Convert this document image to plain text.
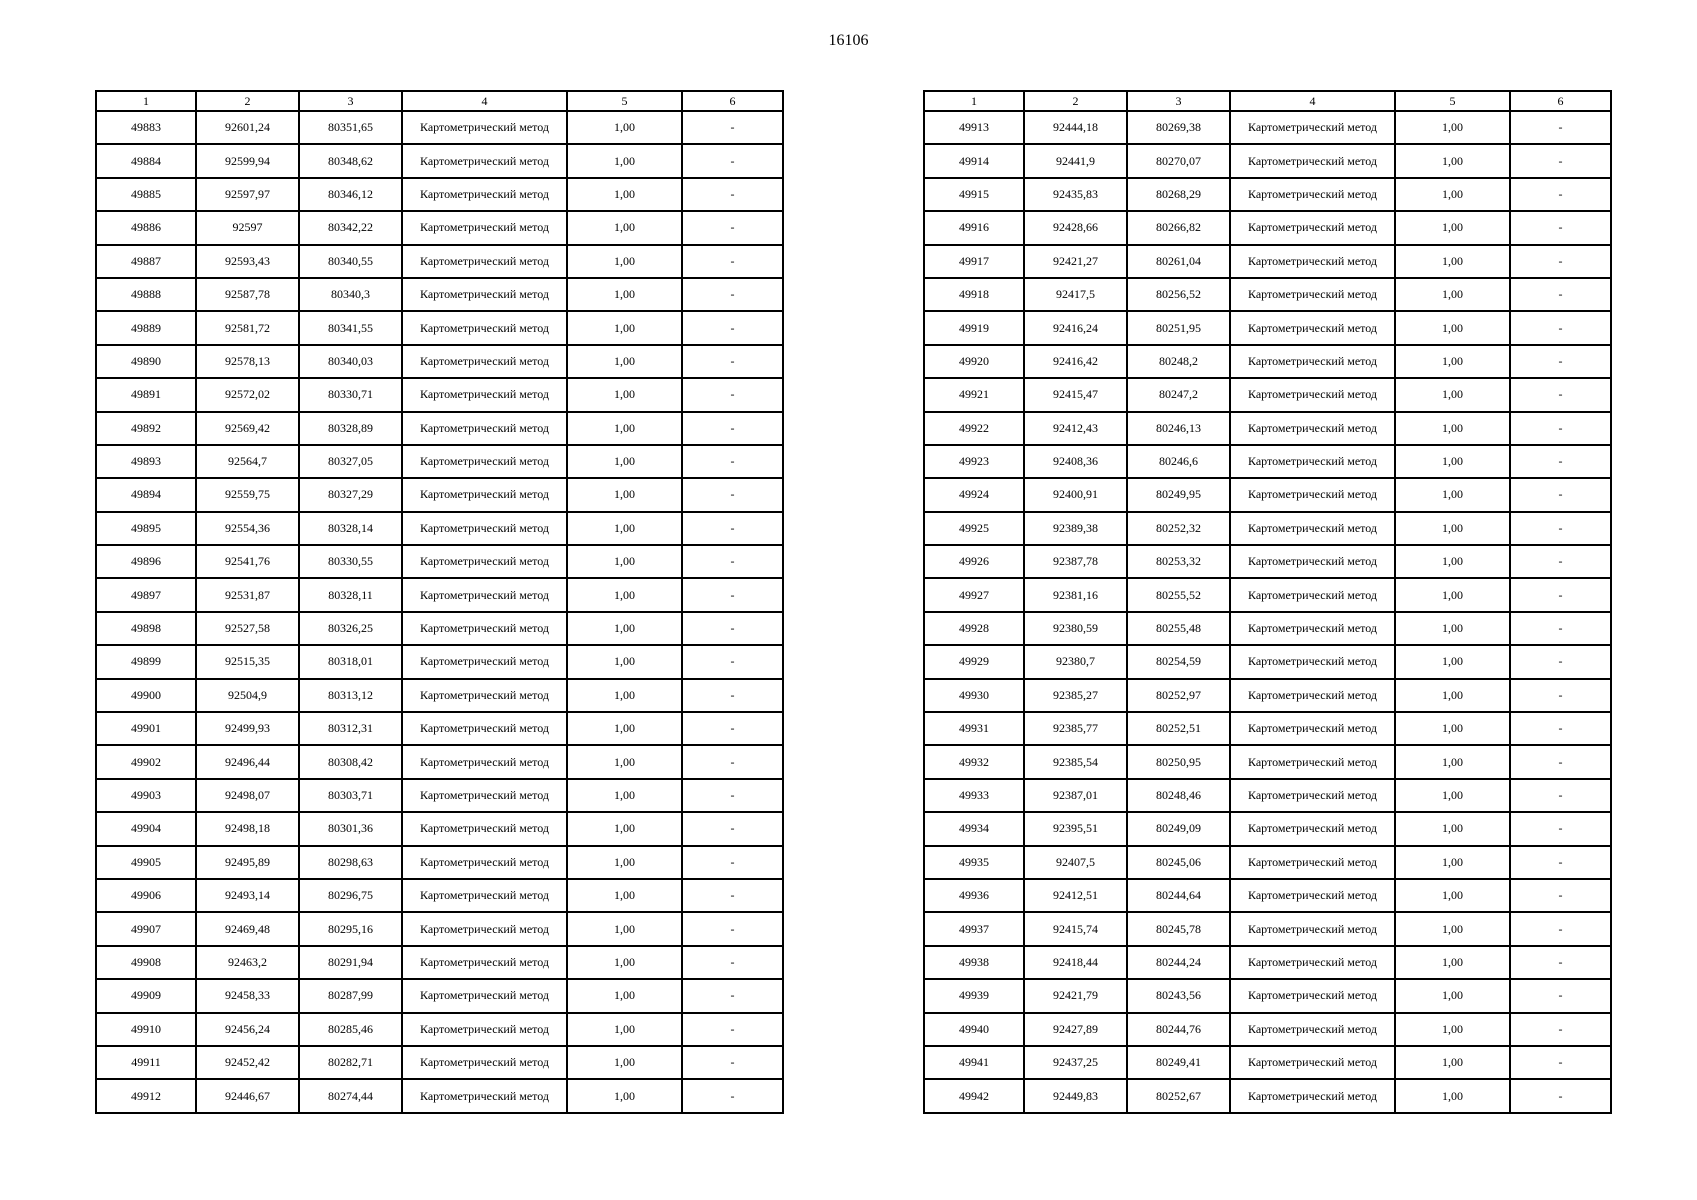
16106
1	2	3	4	5	6
49883	92601,24	80351,65	Картометрический метод	1,00	-
49884	92599,94	80348,62	Картометрический метод	1,00	-
49885	92597,97	80346,12	Картометрический метод	1,00	-
49886	92597	80342,22	Картометрический метод	1,00	-
49887	92593,43	80340,55	Картометрический метод	1,00	-
49888	92587,78	80340,3	Картометрический метод	1,00	-
49889	92581,72	80341,55	Картометрический метод	1,00	-
49890	92578,13	80340,03	Картометрический метод	1,00	-
49891	92572,02	80330,71	Картометрический метод	1,00	-
49892	92569,42	80328,89	Картометрический метод	1,00	-
49893	92564,7	80327,05	Картометрический метод	1,00	-
49894	92559,75	80327,29	Картометрический метод	1,00	-
49895	92554,36	80328,14	Картометрический метод	1,00	-
49896	92541,76	80330,55	Картометрический метод	1,00	-
49897	92531,87	80328,11	Картометрический метод	1,00	-
49898	92527,58	80326,25	Картометрический метод	1,00	-
49899	92515,35	80318,01	Картометрический метод	1,00	-
49900	92504,9	80313,12	Картометрический метод	1,00	-
49901	92499,93	80312,31	Картометрический метод	1,00	-
49902	92496,44	80308,42	Картометрический метод	1,00	-
49903	92498,07	80303,71	Картометрический метод	1,00	-
49904	92498,18	80301,36	Картометрический метод	1,00	-
49905	92495,89	80298,63	Картометрический метод	1,00	-
49906	92493,14	80296,75	Картометрический метод	1,00	-
49907	92469,48	80295,16	Картометрический метод	1,00	-
49908	92463,2	80291,94	Картометрический метод	1,00	-
49909	92458,33	80287,99	Картометрический метод	1,00	-
49910	92456,24	80285,46	Картометрический метод	1,00	-
49911	92452,42	80282,71	Картометрический метод	1,00	-
49912	92446,67	80274,44	Картометрический метод	1,00	-
1	2	3	4	5	6
49913	92444,18	80269,38	Картометрический метод	1,00	-
49914	92441,9	80270,07	Картометрический метод	1,00	-
49915	92435,83	80268,29	Картометрический метод	1,00	-
49916	92428,66	80266,82	Картометрический метод	1,00	-
49917	92421,27	80261,04	Картометрический метод	1,00	-
49918	92417,5	80256,52	Картометрический метод	1,00	-
49919	92416,24	80251,95	Картометрический метод	1,00	-
49920	92416,42	80248,2	Картометрический метод	1,00	-
49921	92415,47	80247,2	Картометрический метод	1,00	-
49922	92412,43	80246,13	Картометрический метод	1,00	-
49923	92408,36	80246,6	Картометрический метод	1,00	-
49924	92400,91	80249,95	Картометрический метод	1,00	-
49925	92389,38	80252,32	Картометрический метод	1,00	-
49926	92387,78	80253,32	Картометрический метод	1,00	-
49927	92381,16	80255,52	Картометрический метод	1,00	-
49928	92380,59	80255,48	Картометрический метод	1,00	-
49929	92380,7	80254,59	Картометрический метод	1,00	-
49930	92385,27	80252,97	Картометрический метод	1,00	-
49931	92385,77	80252,51	Картометрический метод	1,00	-
49932	92385,54	80250,95	Картометрический метод	1,00	-
49933	92387,01	80248,46	Картометрический метод	1,00	-
49934	92395,51	80249,09	Картометрический метод	1,00	-
49935	92407,5	80245,06	Картометрический метод	1,00	-
49936	92412,51	80244,64	Картометрический метод	1,00	-
49937	92415,74	80245,78	Картометрический метод	1,00	-
49938	92418,44	80244,24	Картометрический метод	1,00	-
49939	92421,79	80243,56	Картометрический метод	1,00	-
49940	92427,89	80244,76	Картометрический метод	1,00	-
49941	92437,25	80249,41	Картометрический метод	1,00	-
49942	92449,83	80252,67	Картометрический метод	1,00	-
